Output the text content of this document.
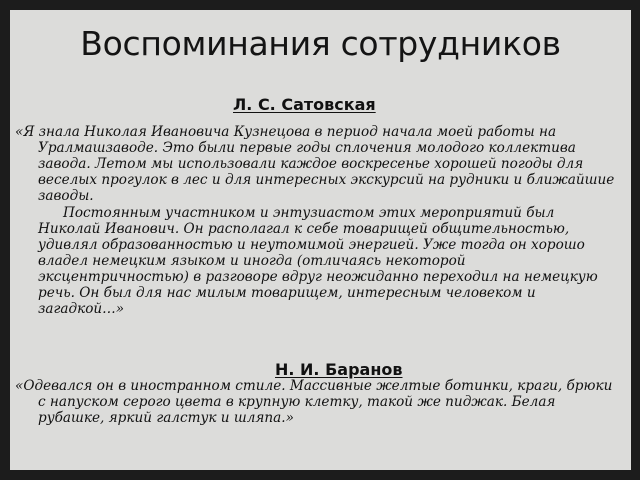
Воспоминания сотрудников

Л. С. Сатовская

«Я знала Николая Ивановича Кузнецова в период начала моей работы на Уралмашзаводе. Это были первые годы сплочения молодого коллектива завода. Летом мы использовали каждое воскресенье хорошей погоды для веселых прогулок в лес и для интересных экскурсий на рудники и ближайшие заводы.

Постоянным участником и энтузиастом этих мероприятий был Николай Иванович. Он располагал к себе товарищей общительностью, удивлял образованностью и неутомимой энергией. Уже тогда он хорошо владел немецким языком и иногда (отличаясь некоторой эксцентричностью) в разговоре вдруг неожиданно переходил на немецкую речь. Он был для нас милым товарищем, интересным человеком и загадкой…»

Н. И. Баранов

«Одевался он в иностранном стиле. Массивные желтые ботинки, краги, брюки с напуском серого цвета в крупную клетку, такой же пиджак. Белая рубашке, яркий галстук и шляпа.»
